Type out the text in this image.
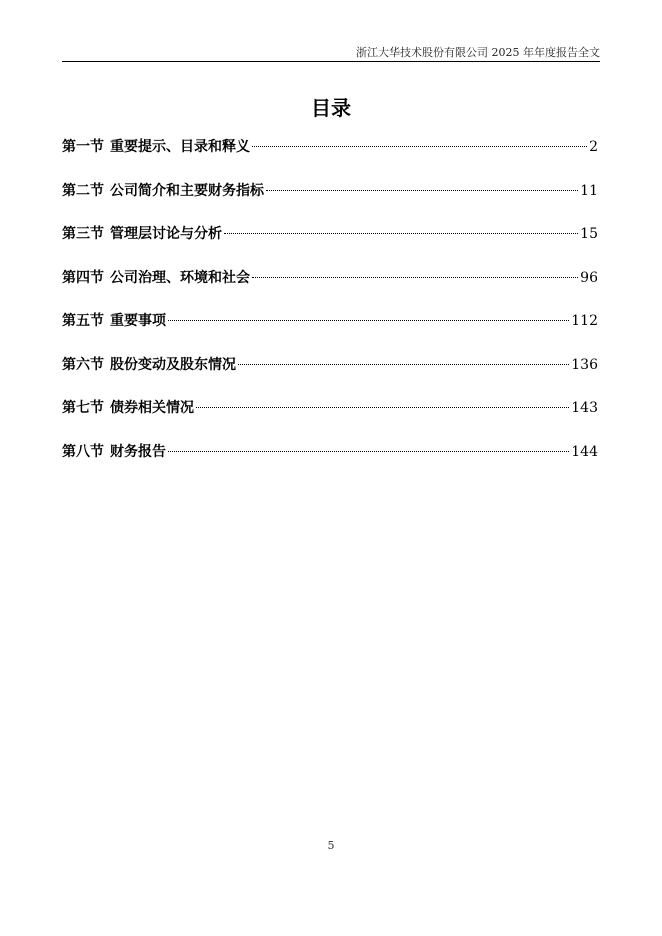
浙江大华技术股份有限公司 2025 年年度报告全文
目录
第一节 重要提示、目录和释义	2
第二节 公司简介和主要财务指标	11
第三节 管理层讨论与分析	15
第四节 公司治理、环境和社会	96
第五节 重要事项	112
第六节 股份变动及股东情况	136
第七节 债券相关情况	143
第八节 财务报告	144
5
